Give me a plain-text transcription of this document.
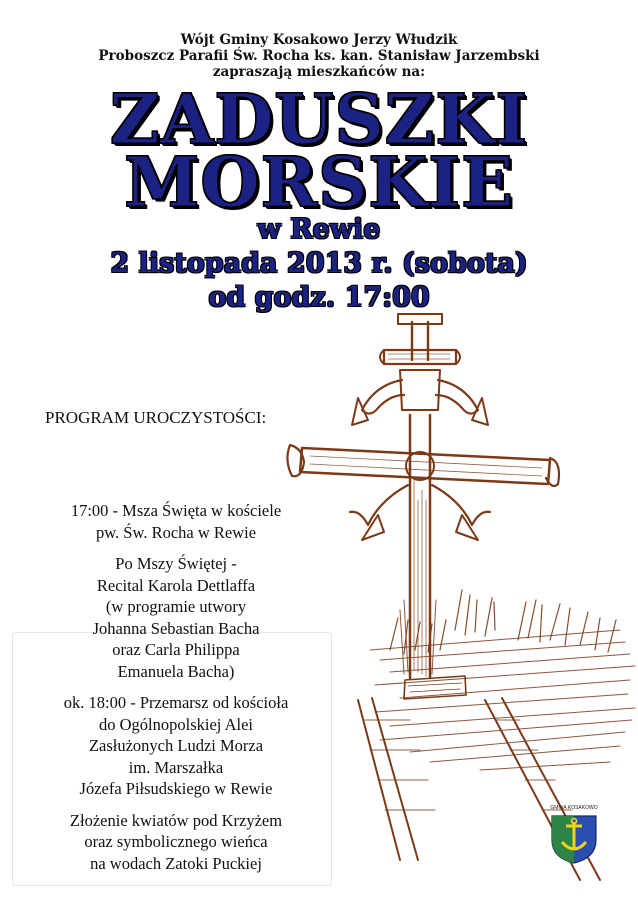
Wójt Gminy Kosakowo Jerzy Włudzik
Proboszcz Parafii Św. Rocha ks. kan. Stanisław Jarzembski
zapraszają mieszkańców na:
ZADUSZKI
MORSKIE
w Rewie
2 listopada 2013 r. (sobota)
od godz. 17:00
PROGRAM UROCZYSTOŚCI:
17:00 - Msza Święta w kościele
pw. Św. Rocha w Rewie
Po Mszy Świętej -
Recital Karola Dettlaffa
(w programie utwory
Johanna Sebastian Bacha
oraz Carla Philippa
Emanuela Bacha)
ok. 18:00 - Przemarsz od kościoła
do Ogólnopolskiej Alei
Zasłużonych Ludzi Morza
im. Marszałka
Józefa Piłsudskiego w Rewie
Złożenie kwiatów pod Krzyżem
oraz symbolicznego wieńca
na wodach Zatoki Puckiej
GMINA KOSAKOWO
